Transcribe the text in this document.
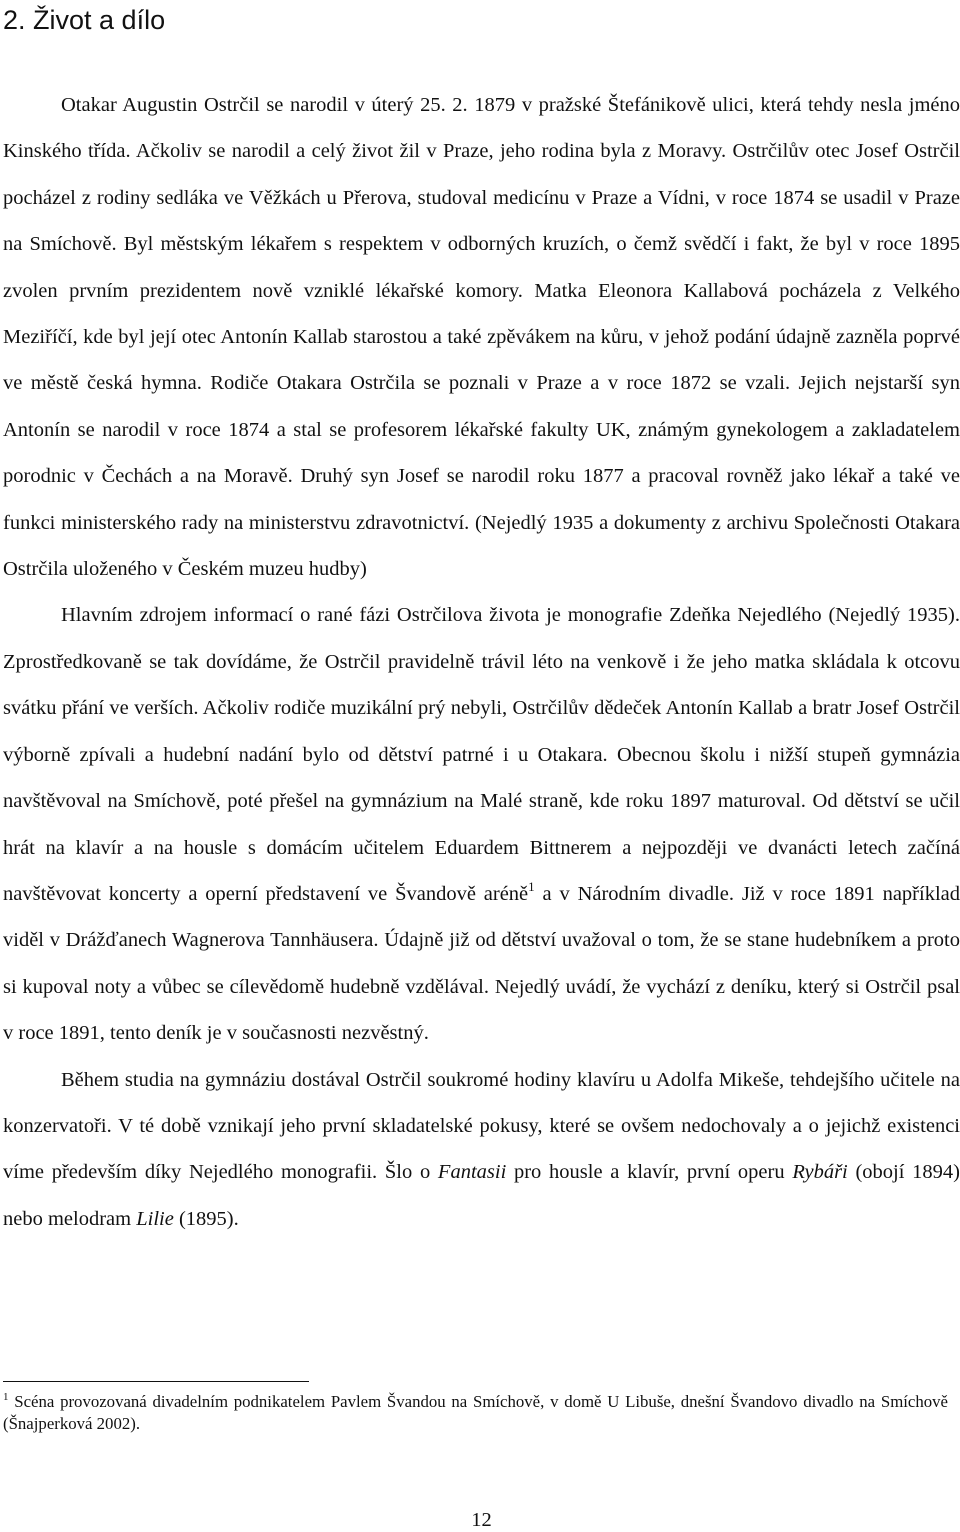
2. Život a dílo

Otakar Augustin Ostrčil se narodil v úterý 25. 2. 1879 v pražské Štefánikově ulici, která tehdy nesla jméno Kinského třída. Ačkoliv se narodil a celý život žil v Praze, jeho rodina byla z Moravy. Ostrčilův otec Josef Ostrčil pocházel z rodiny sedláka ve Věžkách u Přerova, studoval medicínu v Praze a Vídni, v roce 1874 se usadil v Praze na Smíchově. Byl městským lékařem s respektem v odborných kruzích, o čemž svědčí i fakt, že byl v roce 1895 zvolen prvním prezidentem nově vzniklé lékařské komory. Matka Eleonora Kallabová pocházela z Velkého Meziříčí, kde byl její otec Antonín Kallab starostou a také zpěvákem na kůru, v jehož podání údajně zazněla poprvé ve městě česká hymna. Rodiče Otakara Ostrčila se poznali v Praze a v roce 1872 se vzali. Jejich nejstarší syn Antonín se narodil v roce 1874 a stal se profesorem lékařské fakulty UK, známým gynekologem a zakladatelem porodnic v Čechách a na Moravě. Druhý syn Josef se narodil roku 1877 a pracoval rovněž jako lékař a také ve funkci ministerského rady na ministerstvu zdravotnictví. (Nejedlý 1935 a dokumenty z archivu Společnosti Otakara Ostrčila uloženého v Českém muzeu hudby)

Hlavním zdrojem informací o rané fázi Ostrčilova života je monografie Zdeňka Nejedlého (Nejedlý 1935). Zprostředkovaně se tak dovídáme, že Ostrčil pravidelně trávil léto na venkově i že jeho matka skládala k otcovu svátku přání ve verších. Ačkoliv rodiče muzikální prý nebyli, Ostrčilův dědeček Antonín Kallab a bratr Josef Ostrčil výborně zpívali a hudební nadání bylo od dětství patrné i u Otakara. Obecnou školu i nižší stupeň gymnázia navštěvoval na Smíchově, poté přešel na gymnázium na Malé straně, kde roku 1897 maturoval. Od dětství se učil hrát na klavír a na housle s domácím učitelem Eduardem Bittnerem a nejpozději ve dvanácti letech začíná navštěvovat koncerty a operní představení ve Švandově aréně$^1$ a v Národním divadle. Již v roce 1891 například viděl v Drážďanech Wagnerova Tannhäusera. Údajně již od dětství uvažoval o tom, že se stane hudebníkem a proto si kupoval noty a vůbec se cílevědomě hudebně vzdělával. Nejedlý uvádí, že vychází z deníku, který si Ostrčil psal v roce 1891, tento deník je v současnosti nezvěstný.

Během studia na gymnáziu dostával Ostrčil soukromé hodiny klavíru u Adolfa Mikeše, tehdejšího učitele na konzervatoři. V té době vznikají jeho první skladatelské pokusy, které se ovšem nedochovaly a o jejichž existenci víme především díky Nejedlého monografii. Šlo o Fantasii pro housle a klavír, první operu Rybáři (obojí 1894) nebo melodram Lilie (1895).

$^1$ Scéna provozovaná divadelním podnikatelem Pavlem Švandou na Smíchově, v domě U Libuše, dnešní Švandovo divadlo na Smíchově (Šnajperková 2002).

12
